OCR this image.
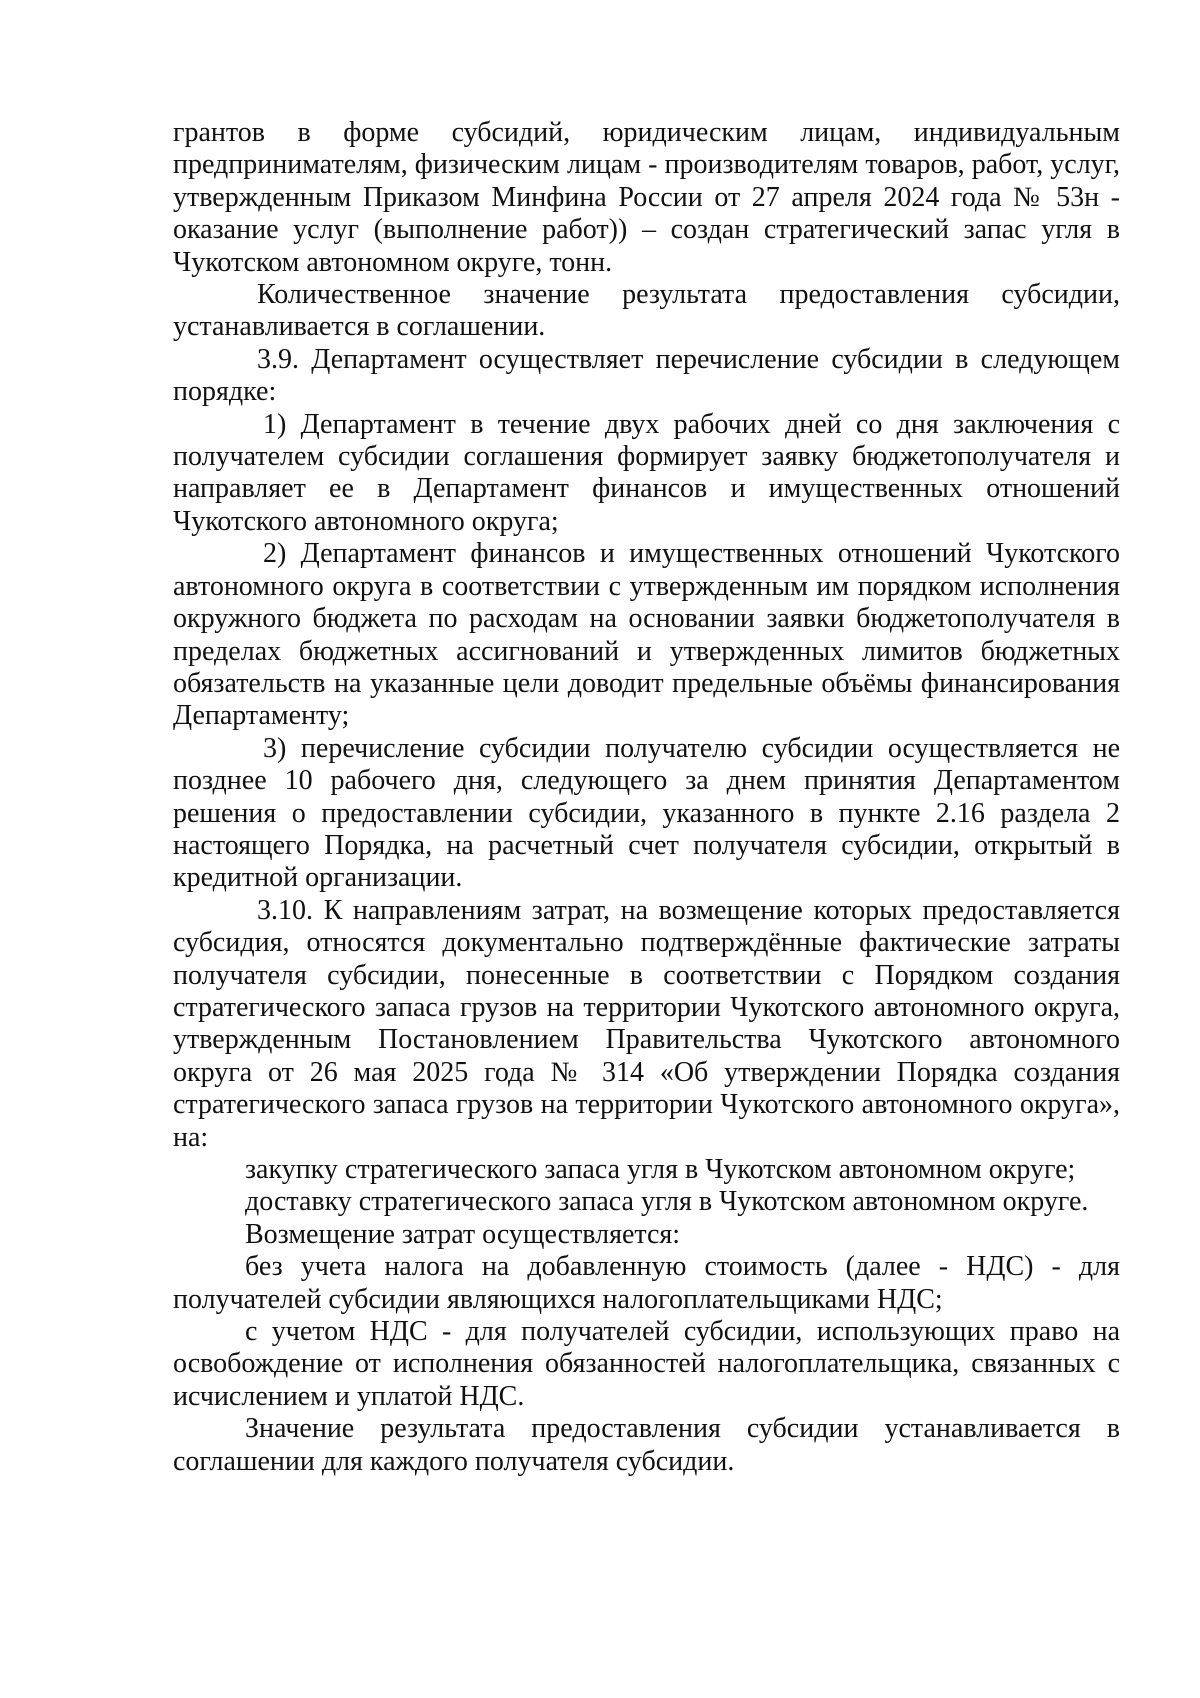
грантов в форме субсидий, юридическим лицам, индивидуальным предпринимателям, физическим лицам - производителям товаров, работ, услуг, утвержденным Приказом Минфина России от 27 апреля 2024 года № 53н - оказание услуг (выполнение работ)) – создан стратегический запас угля в Чукотском автономном округе, тонн.

Количественное значение результата предоставления субсидии, устанавливается в соглашении.

3.9. Департамент осуществляет перечисление субсидии в следующем порядке:

1) Департамент в течение двух рабочих дней со дня заключения с получателем субсидии соглашения формирует заявку бюджетополучателя и направляет ее в Департамент финансов и имущественных отношений Чукотского автономного округа;

2) Департамент финансов и имущественных отношений Чукотского автономного округа в соответствии с утвержденным им порядком исполнения окружного бюджета по расходам на основании заявки бюджетополучателя в пределах бюджетных ассигнований и утвержденных лимитов бюджетных обязательств на указанные цели доводит предельные объёмы финансирования Департаменту;

3) перечисление субсидии получателю субсидии осуществляется не позднее 10 рабочего дня, следующего за днем принятия Департаментом решения о предоставлении субсидии, указанного в пункте 2.16 раздела 2 настоящего Порядка, на расчетный счет получателя субсидии, открытый в кредитной организации.

3.10. К направлениям затрат, на возмещение которых предоставляется субсидия, относятся документально подтверждённые фактические затраты получателя субсидии, понесенные в соответствии с Порядком создания стратегического запаса грузов на территории Чукотского автономного округа, утвержденным Постановлением Правительства Чукотского автономного округа от 26 мая 2025 года № 314 «Об утверждении Порядка создания стратегического запаса грузов на территории Чукотского автономного округа», на:

закупку стратегического запаса угля в Чукотском автономном округе;

доставку стратегического запаса угля в Чукотском автономном округе.

Возмещение затрат осуществляется:

без учета налога на добавленную стоимость (далее - НДС) - для получателей субсидии являющихся налогоплательщиками НДС;

с учетом НДС - для получателей субсидии, использующих право на освобождение от исполнения обязанностей налогоплательщика, связанных с исчислением и уплатой НДС.

Значение результата предоставления субсидии устанавливается в соглашении для каждого получателя субсидии.
